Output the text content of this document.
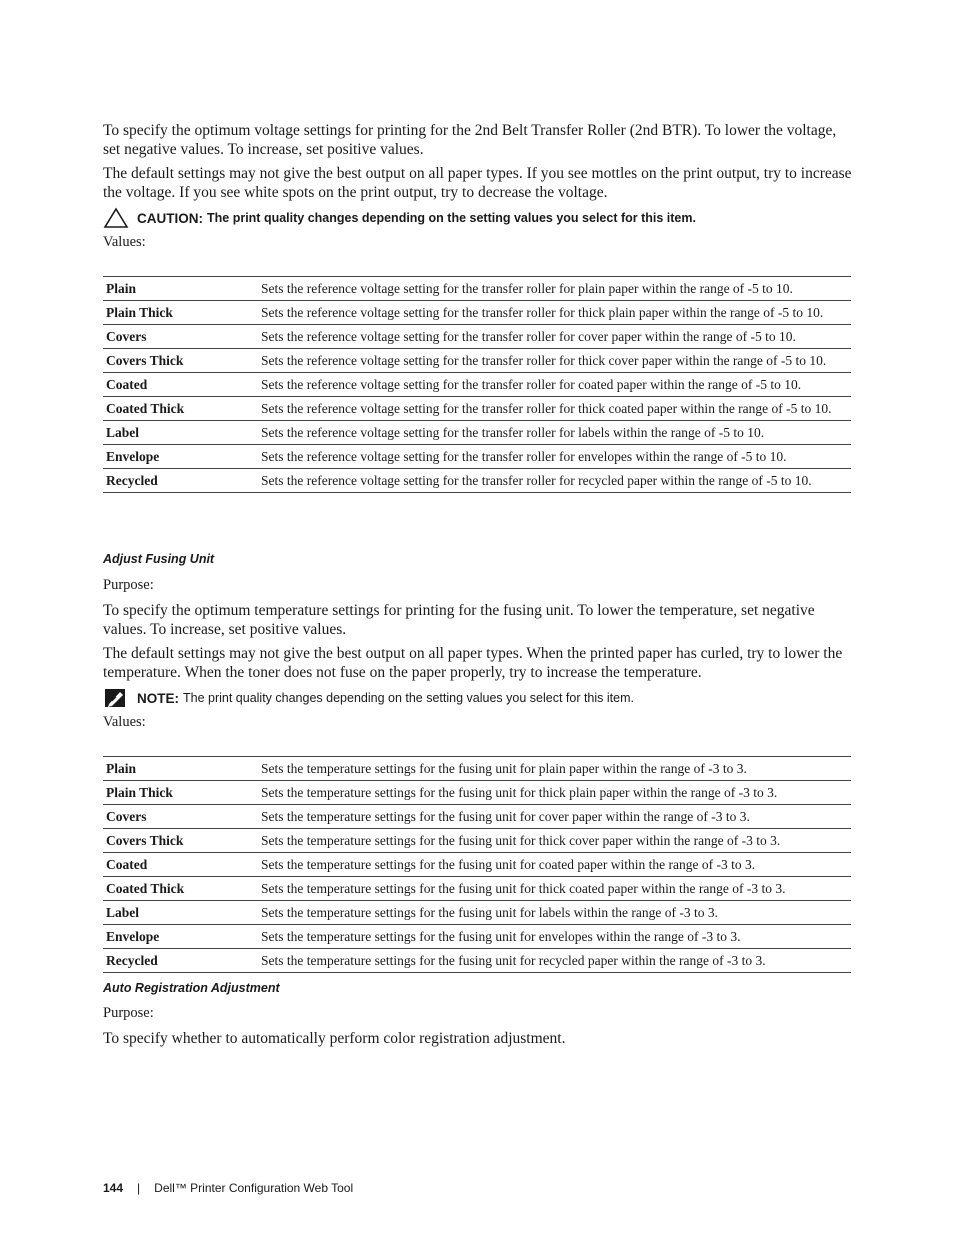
To specify the optimum voltage settings for printing for the 2nd Belt Transfer Roller (2nd BTR). To lower the voltage, set negative values. To increase, set positive values.

The default settings may not give the best output on all paper types. If you see mottles on the print output, try to increase the voltage. If you see white spots on the print output, try to decrease the voltage.

CAUTION: The print quality changes depending on the setting values you select for this item.
Values:
Plain	Sets the reference voltage setting for the transfer roller for plain paper within the range of -5 to 10.
Plain Thick	Sets the reference voltage setting for the transfer roller for thick plain paper within the range of -5 to 10.
Covers	Sets the reference voltage setting for the transfer roller for cover paper within the range of -5 to 10.
Covers Thick	Sets the reference voltage setting for the transfer roller for thick cover paper within the range of -5 to 10.
Coated	Sets the reference voltage setting for the transfer roller for coated paper within the range of -5 to 10.
Coated Thick	Sets the reference voltage setting for the transfer roller for thick coated paper within the range of -5 to 10.
Label	Sets the reference voltage setting for the transfer roller for labels within the range of -5 to 10.
Envelope	Sets the reference voltage setting for the transfer roller for envelopes within the range of -5 to 10.
Recycled	Sets the reference voltage setting for the transfer roller for recycled paper within the range of -5 to 10.
Adjust Fusing Unit
Purpose:

To specify the optimum temperature settings for printing for the fusing unit. To lower the temperature, set negative values. To increase, set positive values.

The default settings may not give the best output on all paper types. When the printed paper has curled, try to lower the temperature. When the toner does not fuse on the paper properly, try to increase the temperature.

NOTE: The print quality changes depending on the setting values you select for this item.
Values:
Plain	Sets the temperature settings for the fusing unit for plain paper within the range of -3 to 3.
Plain Thick	Sets the temperature settings for the fusing unit for thick plain paper within the range of -3 to 3.
Covers	Sets the temperature settings for the fusing unit for cover paper within the range of -3 to 3.
Covers Thick	Sets the temperature settings for the fusing unit for thick cover paper within the range of -3 to 3.
Coated	Sets the temperature settings for the fusing unit for coated paper within the range of -3 to 3.
Coated Thick	Sets the temperature settings for the fusing unit for thick coated paper within the range of -3 to 3.
Label	Sets the temperature settings for the fusing unit for labels within the range of -3 to 3.
Envelope	Sets the temperature settings for the fusing unit for envelopes within the range of -3 to 3.
Recycled	Sets the temperature settings for the fusing unit for recycled paper within the range of -3 to 3.
Auto Registration Adjustment
Purpose:

To specify whether to automatically perform color registration adjustment.

144 | Dell™ Printer Configuration Web Tool
